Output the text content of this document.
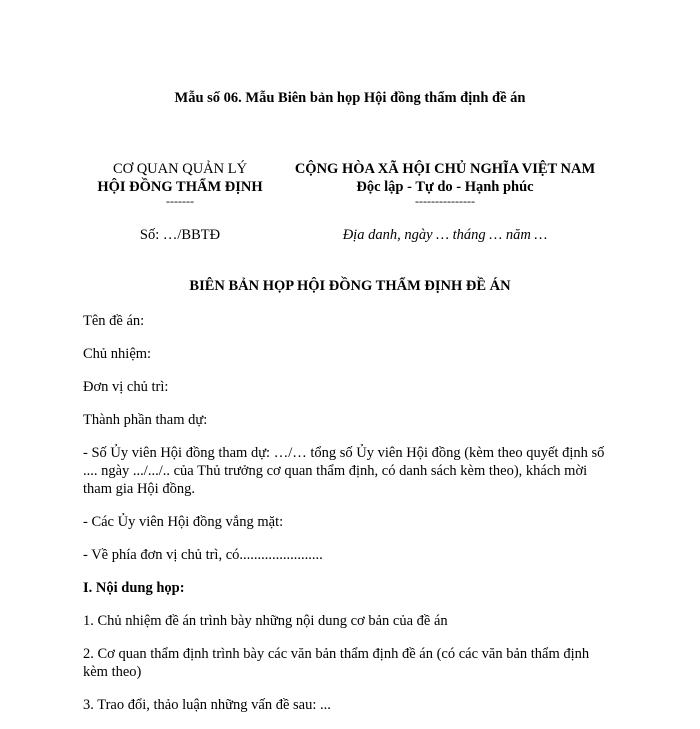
Mẫu số 06. Mẫu Biên bản họp Hội đồng thẩm định đề án
CƠ QUAN QUẢN LÝ
HỘI ĐỒNG THẨM ĐỊNH
-------
Số: …/BBTĐ
CỘNG HÒA XÃ HỘI CHỦ NGHĨA VIỆT NAM
Độc lập - Tự do - Hạnh phúc
---------------
Địa danh, ngày … tháng … năm …
BIÊN BẢN HỌP HỘI ĐỒNG THẨM ĐỊNH ĐỀ ÁN
Tên đề án:
Chủ nhiệm:
Đơn vị chủ trì:
Thành phần tham dự:
- Số Ủy viên Hội đồng tham dự: …/… tổng số Ủy viên Hội đồng (kèm theo quyết định số
.... ngày .../.../.. của Thủ trưởng cơ quan thẩm định, có danh sách kèm theo), khách mời
tham gia Hội đồng.
- Các Ủy viên Hội đồng vắng mặt:
- Về phía đơn vị chủ trì, có.......................
I. Nội dung họp:
1. Chủ nhiệm đề án trình bày những nội dung cơ bản của đề án
2. Cơ quan thẩm định trình bày các văn bản thẩm định đề án (có các văn bản thẩm định
kèm theo)
3. Trao đổi, thảo luận những vấn đề sau: ...
